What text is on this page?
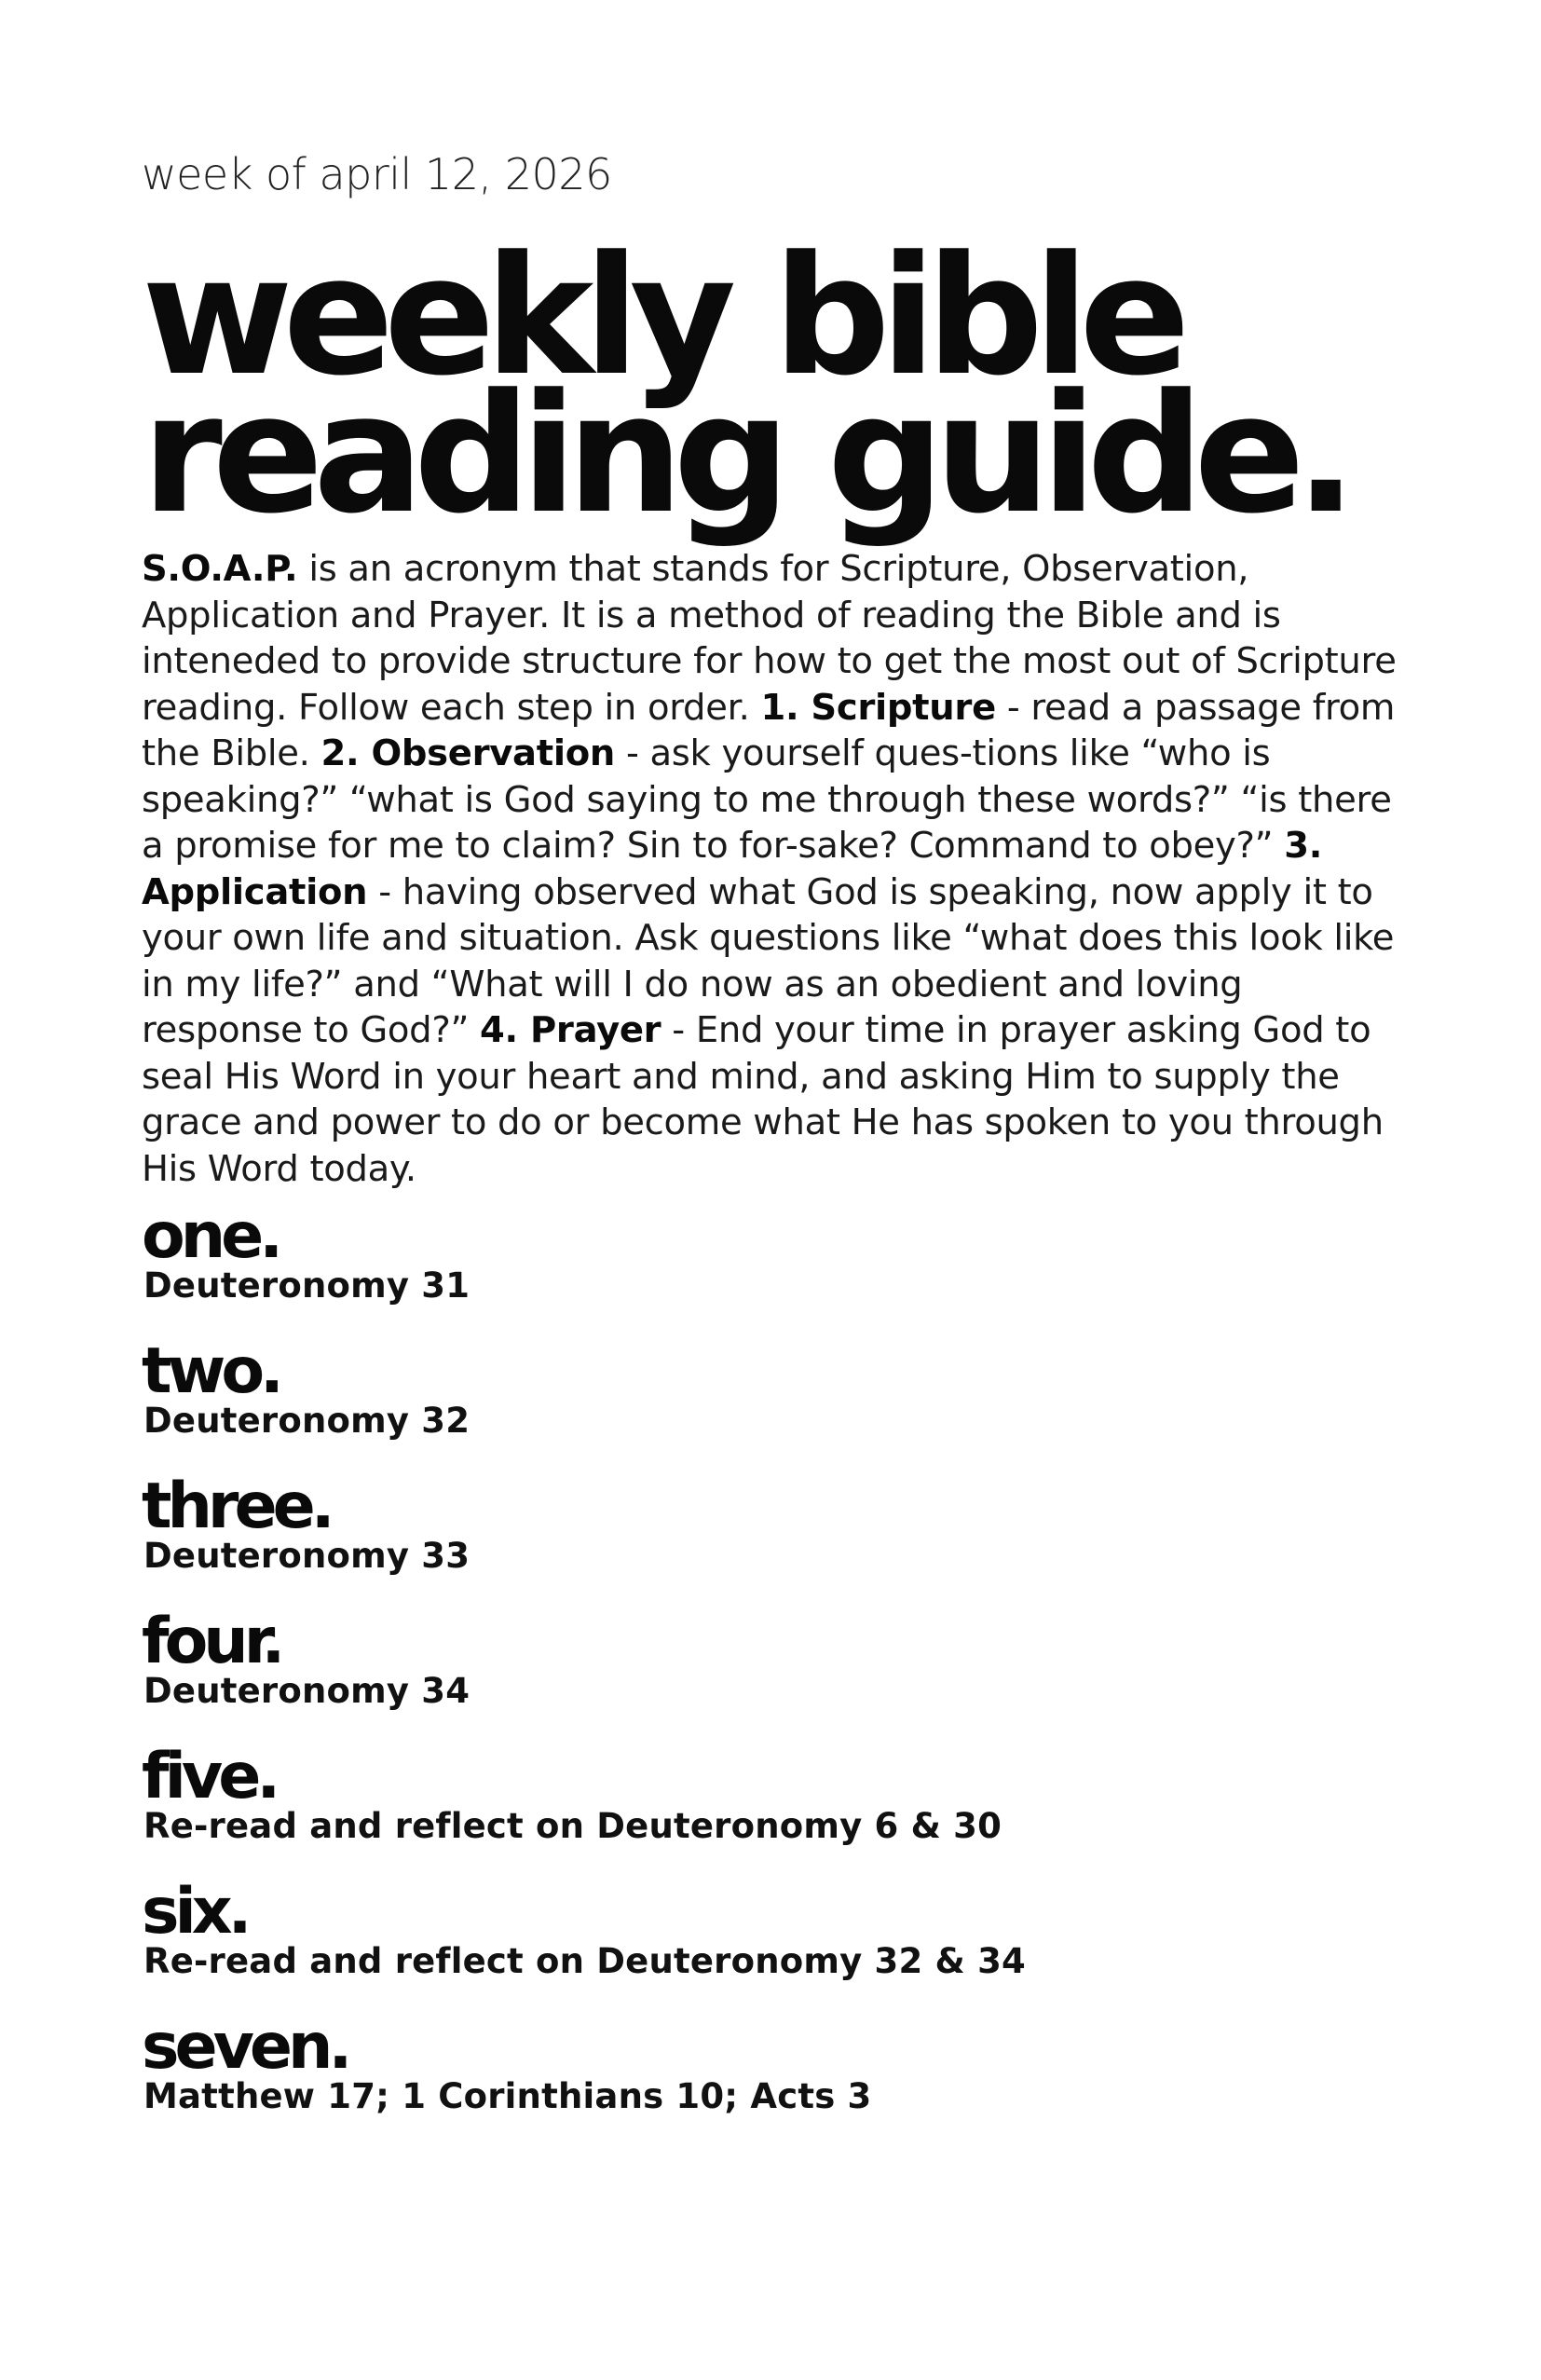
week of april 12, 2026
weekly bible
reading guide.

S.O.A.P. is an acronym that stands for Scripture, Observation, Application and Prayer. It is a method of reading the Bible and is inteneded to provide structure for how to get the most out of Scripture reading. Follow each step in order. 1. Scripture - read a passage from the Bible. 2. Observation - ask yourself ques-tions like “who is speaking?” “what is God saying to me through these words?” “is there a promise for me to claim? Sin to for-sake? Command to obey?” 3. Application - having observed what God is speaking, now apply it to your own life and situation. Ask questions like “what does this look like in my life?” and “What will I do now as an obedient and loving response to God?” 4. Prayer - End your time in prayer asking God to seal His Word in your heart and mind, and asking Him to supply the grace and power to do or become what He has spoken to you through His Word today.

one.
Deuteronomy 31
two.
Deuteronomy 32
three.
Deuteronomy 33
four.
Deuteronomy 34
five.
Re-read and reflect on Deuteronomy 6 & 30
six.
Re-read and reflect on Deuteronomy 32 & 34
seven.
Matthew 17; 1 Corinthians 10; Acts 3
